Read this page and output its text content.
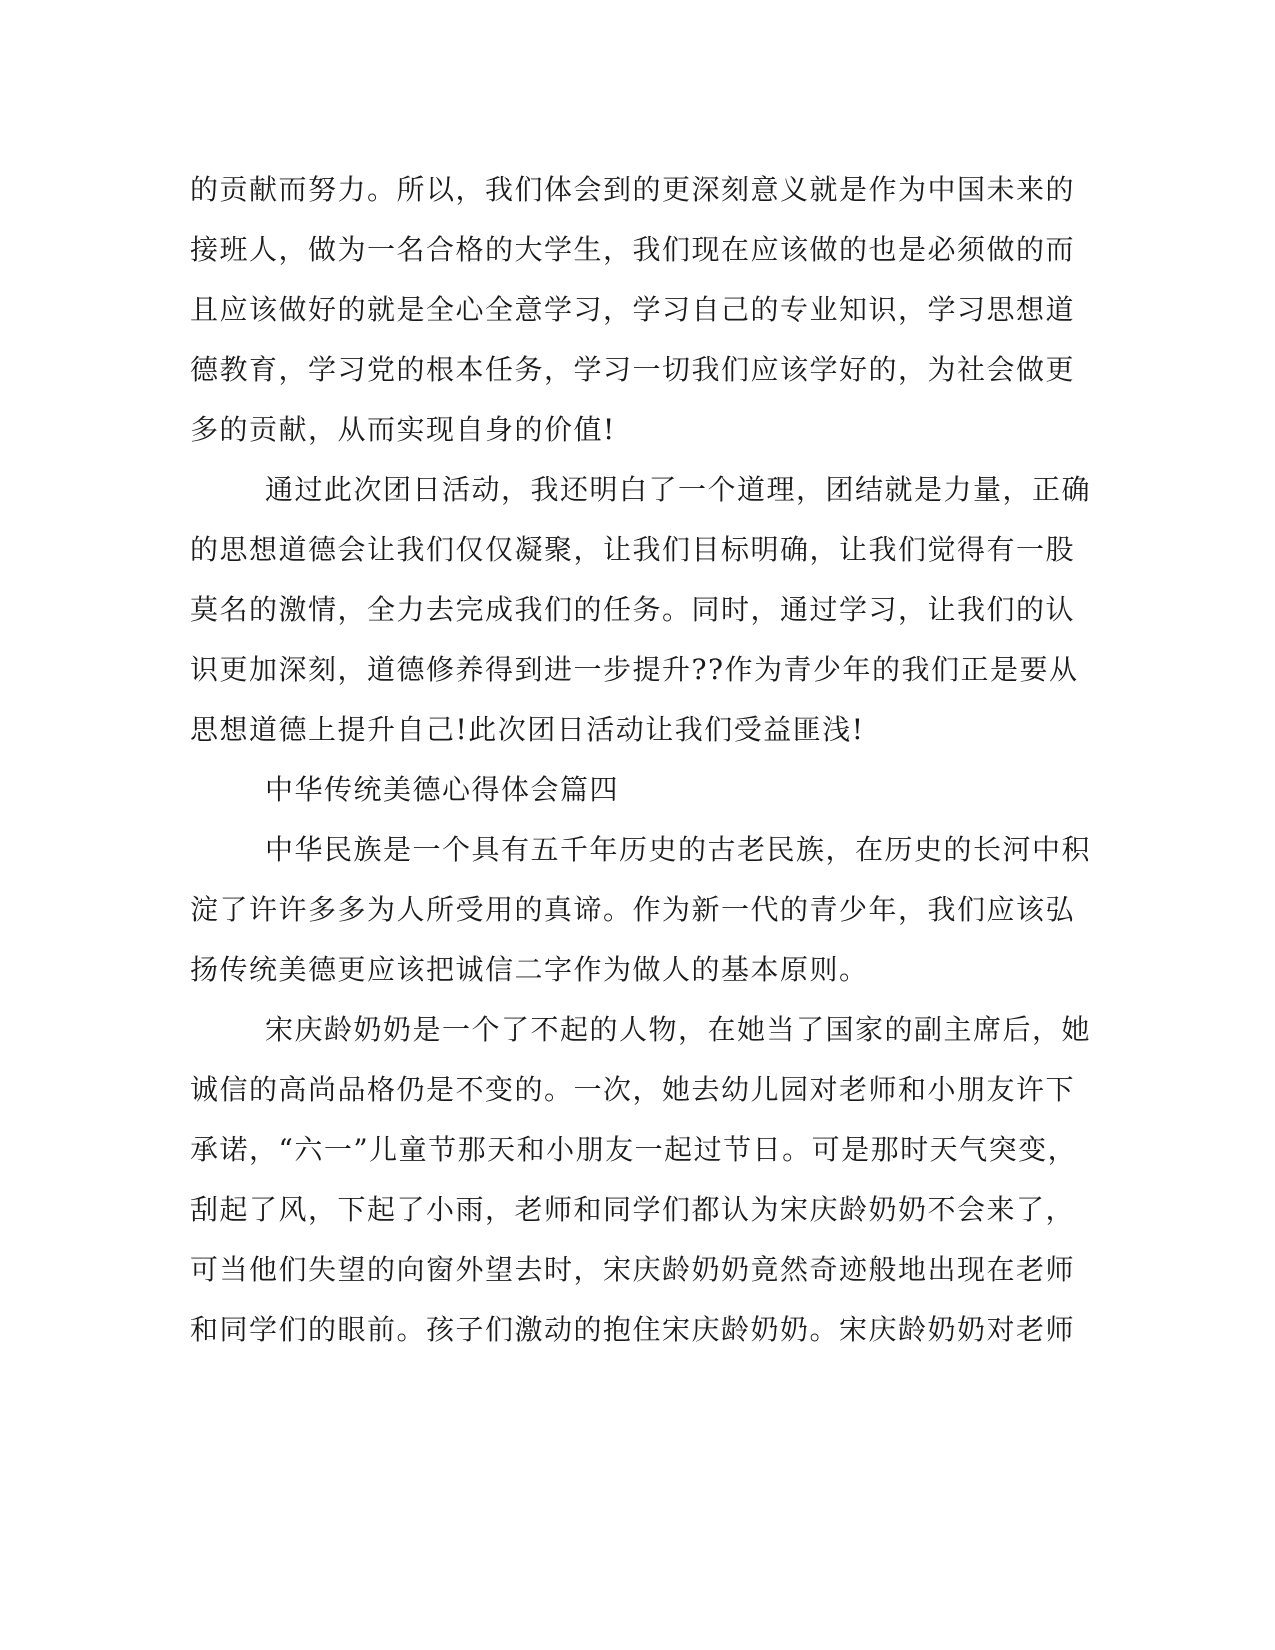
的贡献而努力。所以，我们体会到的更深刻意义就是作为中国未来的
接班人，做为一名合格的大学生，我们现在应该做的也是必须做的而
且应该做好的就是全心全意学习，学习自己的专业知识，学习思想道
德教育，学习党的根本任务，学习一切我们应该学好的，为社会做更
多的贡献，从而实现自身的价值!
通过此次团日活动，我还明白了一个道理，团结就是力量，正确
的思想道德会让我们仅仅凝聚，让我们目标明确，让我们觉得有一股
莫名的激情，全力去完成我们的任务。同时，通过学习，让我们的认
识更加深刻，道德修养得到进一步提升??作为青少年的我们正是要从
思想道德上提升自己!此次团日活动让我们受益匪浅!
中华传统美德心得体会篇四
中华民族是一个具有五千年历史的古老民族，在历史的长河中积
淀了许许多多为人所受用的真谛。作为新一代的青少年，我们应该弘
扬传统美德更应该把诚信二字作为做人的基本原则。
宋庆龄奶奶是一个了不起的人物，在她当了国家的副主席后，她
诚信的高尚品格仍是不变的。一次，她去幼儿园对老师和小朋友许下
承诺，“六一”儿童节那天和小朋友一起过节日。可是那时天气突变，
刮起了风，下起了小雨，老师和同学们都认为宋庆龄奶奶不会来了，
可当他们失望的向窗外望去时，宋庆龄奶奶竟然奇迹般地出现在老师
和同学们的眼前。孩子们激动的抱住宋庆龄奶奶。宋庆龄奶奶对老师
